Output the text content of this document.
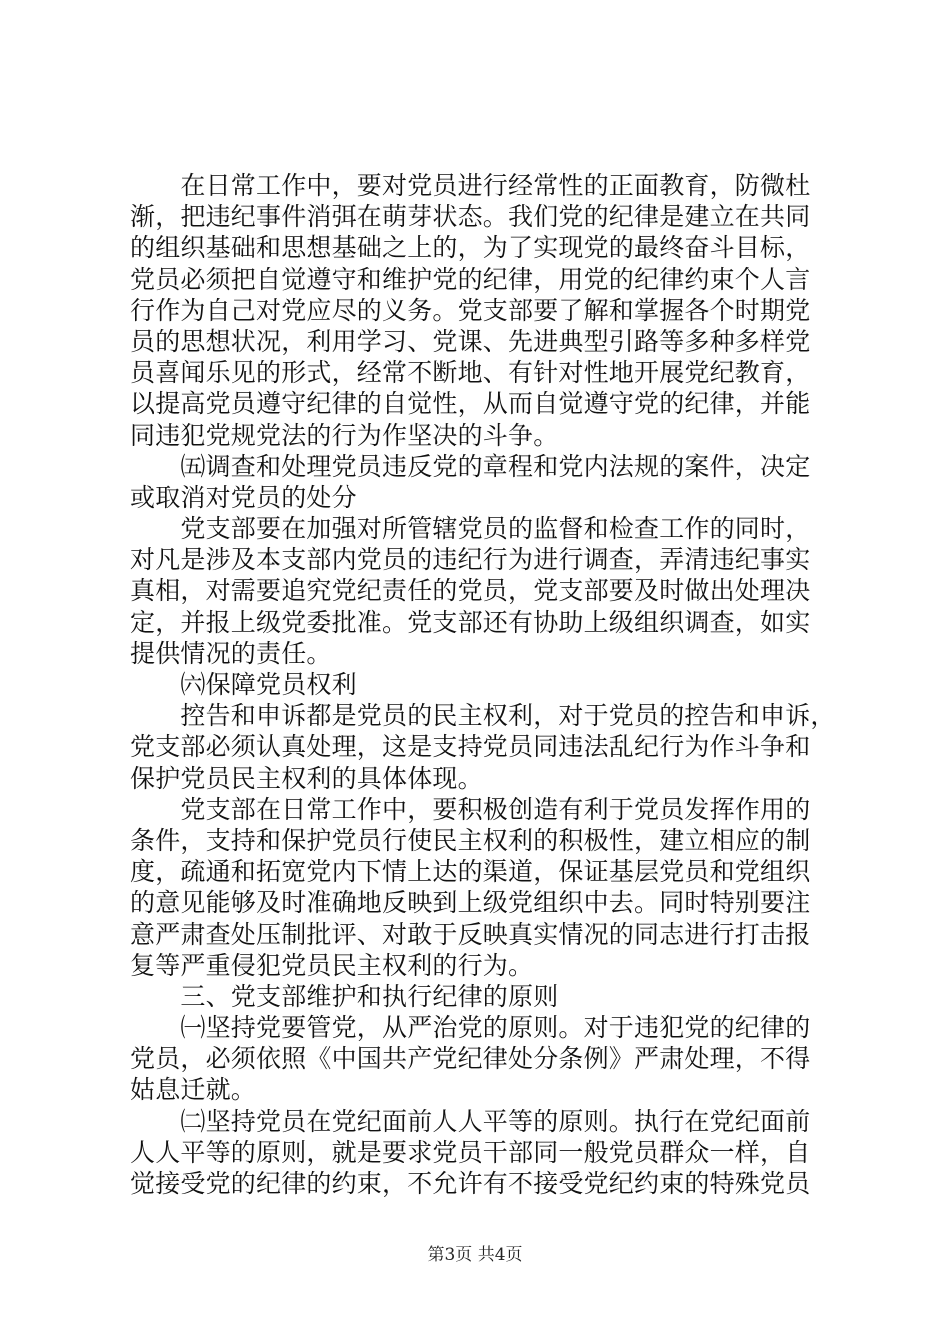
　　在日常工作中，要对党员进行经常性的正面教育，防微杜
渐，把违纪事件消弭在萌芽状态。我们党的纪律是建立在共同
的组织基础和思想基础之上的，为了实现党的最终奋斗目标，
党员必须把自觉遵守和维护党的纪律，用党的纪律约束个人言
行作为自己对党应尽的义务。党支部要了解和掌握各个时期党
员的思想状况，利用学习、党课、先进典型引路等多种多样党
员喜闻乐见的形式，经常不断地、有针对性地开展党纪教育，
以提高党员遵守纪律的自觉性，从而自觉遵守党的纪律，并能
同违犯党规党法的行为作坚决的斗争。
　　㈤调查和处理党员违反党的章程和党内法规的案件，决定
或取消对党员的处分
　　党支部要在加强对所管辖党员的监督和检查工作的同时，
对凡是涉及本支部内党员的违纪行为进行调查，弄清违纪事实
真相，对需要追究党纪责任的党员，党支部要及时做出处理决
定，并报上级党委批准。党支部还有协助上级组织调查，如实
提供情况的责任。
　　㈥保障党员权利
　　控告和申诉都是党员的民主权利，对于党员的控告和申诉，
党支部必须认真处理，这是支持党员同违法乱纪行为作斗争和
保护党员民主权利的具体体现。
　　党支部在日常工作中，要积极创造有利于党员发挥作用的
条件，支持和保护党员行使民主权利的积极性，建立相应的制
度，疏通和拓宽党内下情上达的渠道，保证基层党员和党组织
的意见能够及时准确地反映到上级党组织中去。同时特别要注
意严肃查处压制批评、对敢于反映真实情况的同志进行打击报
复等严重侵犯党员民主权利的行为。
　　三、党支部维护和执行纪律的原则
　　㈠坚持党要管党，从严治党的原则。对于违犯党的纪律的
党员，必须依照《中国共产党纪律处分条例》严肃处理，不得
姑息迁就。
　　㈡坚持党员在党纪面前人人平等的原则。执行在党纪面前
人人平等的原则，就是要求党员干部同一般党员群众一样，自
觉接受党的纪律的约束，不允许有不接受党纪约束的特殊党员
第3页 共4页
